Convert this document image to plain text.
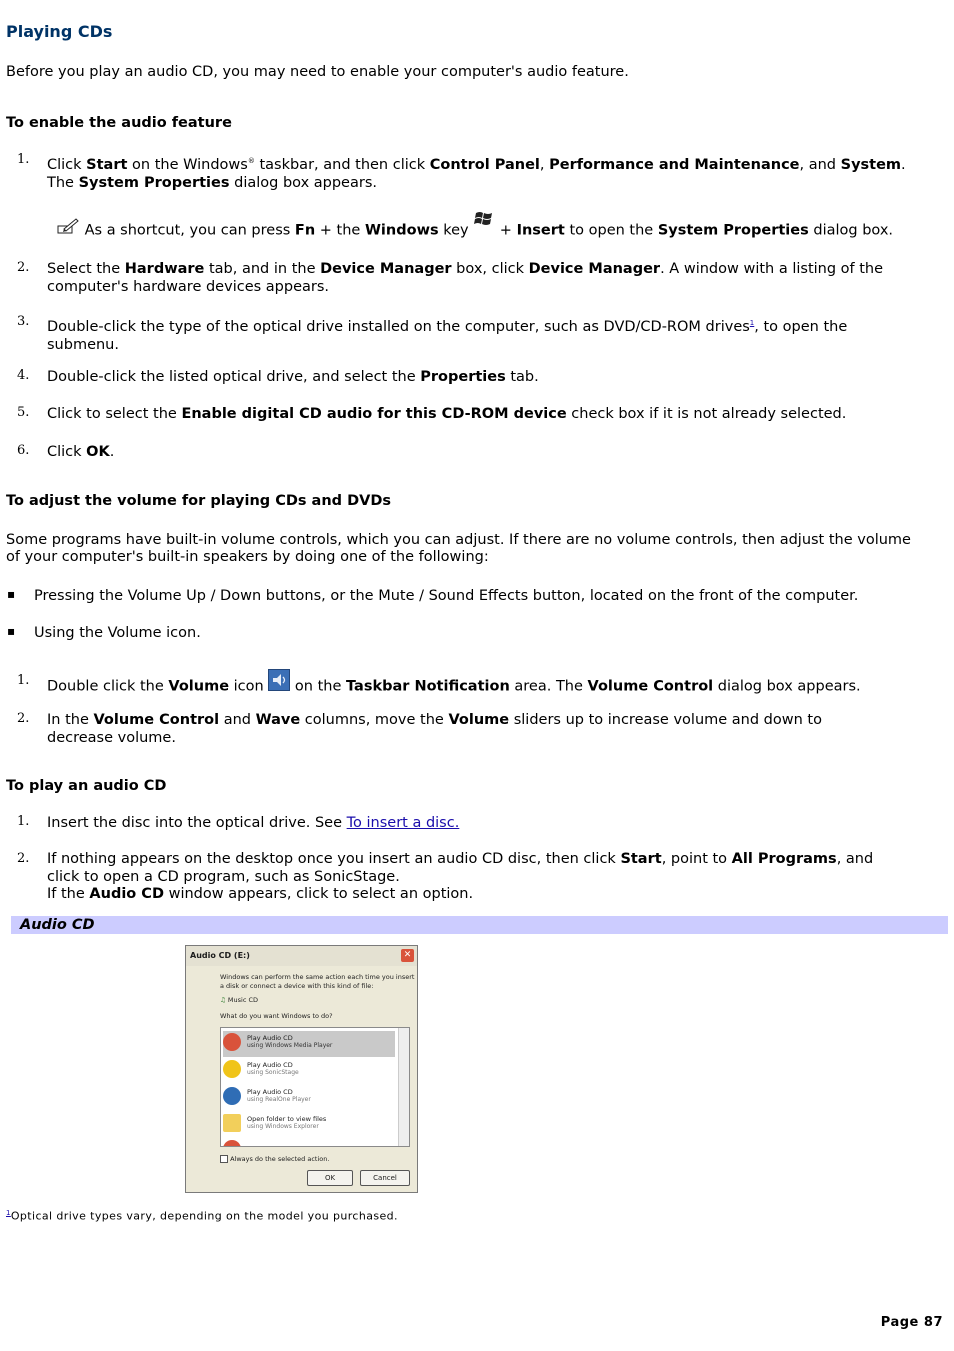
Playing CDs
Before you play an audio CD, you may need to enable your computer's audio feature.
To enable the audio feature
1. Click Start on the Windows® taskbar, and then click Control Panel, Performance and Maintenance, and System.
The System Properties dialog box appears.
As a shortcut, you can press Fn + the Windows key  + Insert to open the System Properties dialog box.
2. Select the Hardware tab, and in the Device Manager box, click Device Manager. A window with a listing of the
computer's hardware devices appears.
3. Double-click the type of the optical drive installed on the computer, such as DVD/CD-ROM drives$^1$, to open the
submenu.
4. Double-click the listed optical drive, and select the Properties tab.
5. Click to select the Enable digital CD audio for this CD-ROM device check box if it is not already selected.
6. Click OK.
To adjust the volume for playing CDs and DVDs
Some programs have built-in volume controls, which you can adjust. If there are no volume controls, then adjust the volume
of your computer's built-in speakers by doing one of the following:
▪ Pressing the Volume Up / Down buttons, or the Mute / Sound Effects button, located on the front of the computer.
▪ Using the Volume icon.
1. Double click the Volume icon  on the Taskbar Notification area. The Volume Control dialog box appears.
2. In the Volume Control and Wave columns, move the Volume sliders up to increase volume and down to
decrease volume.
To play an audio CD
1. Insert the disc into the optical drive. See To insert a disc.
2. If nothing appears on the desktop once you insert an audio CD disc, then click Start, point to All Programs, and
click to open a CD program, such as SonicStage.
If the Audio CD window appears, click to select an option.
Audio CD
Audio CD (E:)	✕
Windows can perform the same action each time you insert
a disk or connect a device with this kind of file:
♫ Music CD
What do you want Windows to do?
Play Audio CD
using Windows Media Player
Play Audio CD
using SonicStage
Play Audio CD
using RealOne Player
Open folder to view files
using Windows Explorer
Always do the selected action.
OK	Cancel
$^1$Optical drive types vary, depending on the model you purchased.
Page 87
